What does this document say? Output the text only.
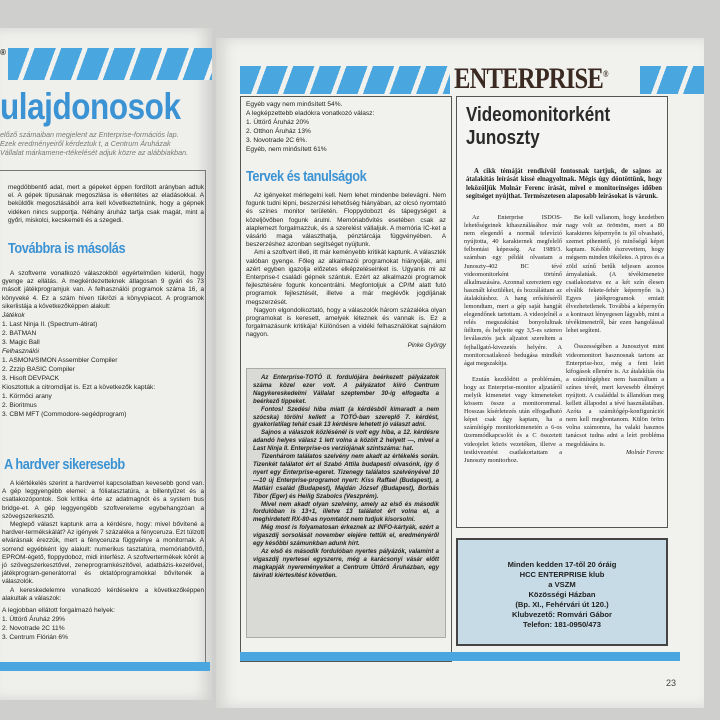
®
ulajdonosok
előző számaiban megjelent az Enterprise-formációs lap. Ezek eredményeiről kérdeztuk t, a Centrum Áruházak Vállalat márkamene-rtékelését adjuk közre az alábbiakban.
megdöbbentő adat, mert a gépeket éppen fordított arányban adtuk el. A gépek típusának megoszlása is ellentétes az eladásokkal. A beküldők megoszlásából arra kell következtetnünk, hogy a gépnek vidéken nincs supportja. Néhány áruház tartja csak magát, mint a győri, miskolci, kecskeméti és a szegedi.
Továbbra is másolás

A szoftverre vonatkozó válaszokból egyértelműen kiderül, hogy gyenge az ellátás. A megkérdezetteknek átlagosan 9 gyári és 73 másolt játékprogramjuk van. A felhasználói programok száma 16, a könyveké 4. Ez a szám híven tükrözi a könyvpiacot. A programok sikerlistája a következőképpen alakult:

Játékok
1. Last Ninja II. (Spectrum-átirat)
2. BATMAN
3. Magic Ball
Felhasználói
1. ASMON/SIMON Assembler Compiler
2. Zzzip BASIC Compiler
3. Hisoft DEVPACK
Kiosztottuk a citromdíjat is. Ezt a következők kapták:
1. Körmöci arany
2. Bioritmus
3. CBM MFT (Commodore-segédprogram)
A hardver sikeresebb

A kiértékelés szerint a hardverrel kapcsolatban kevesebb gond van. A gép leggyengébb elemei: a fóliatasztatúra, a billentyűzet és a csatlakozópontok. Sok kritika érte az adatmagnót és a system bus bridge-et. A gép leggyengébb szoftvereleme egybehangzóan a szövegszerkesztő.

Meglepő választ kaptunk arra a kérdésre, hogy: mivel bővítené a hardver-termékskálát? Az igények 7 százaléka a fényceruza. Ezt túlzott elvárásnak érezzük, mert a fényceruza függvénye a monitornak. A sorrend egyébként így alakult: numerikus tasztatúra, memóriabővítő, EPROM-égető, floppydoboz, midi interfész. A szoftvertermékek körét a jó szövegszerkesztővel, zeneprogramkészítővel, adatbázis-kezelővel, játékprogram-generátorral és oktatóprogramokkal bővítenék a válaszolók.

A kereskedelemre vonatkozó kérdésekre a következőképpen alakultak a válaszok:

A legjobban ellátott forgalmazó helyek:
1. Úttörő Áruház 29%
2. Novotrade 2C 11%
3. Centrum Flórián 6%
ENTERPRISE®
Egyéb vagy nem minősített 54%.
A legképzettebb eladókra vonatkozó válasz:
1. Úttörő Áruház 20%
2. Otthon Áruház 13%
3. Novotrade 2C 6%.
Egyéb, nem minősített 61%
Tervek és tanulságok

Az igényeket mérlegelni kell. Nem lehet mindenbe belevágni. Nem fogunk tudni lépni, beszerzési lehetőség hiányában, az olcsó nyomtató és színes monitor területén. Floppydobozt és tápegységet a közeljövőben fogunk árulni. Memóriabővítés esetében csak az alaplemezt forgalmazzuk, és a szerelést vállaljuk. A memória IC-ket a vásárló maga választhatja, pénztárcája függvényében. A beszerzéshez azonban segítséget nyújtunk.

Ami a szoftvert illeti, itt már keményebb kritikát kaptunk. A választék valóban gyenge. Főleg az alkalmazói programokat hiányolják, ami azért egyben igazolja előzetes elképzeléseinket is. Ugyanis mi az Enterprise-t családi gépnek szántuk. Ezért az alkalmazói programok fejlesztésére fogunk koncentrálni. Megfontoljuk a CP/M alatt futó programok fejlesztését, illetve a már meglévők jogdíjának megszerzését.

Nagyon elgondolkoztató, hogy a válaszolók három százaléka olyan programokat is keresett, amelyek léteznek és vannak is. Ez a forgalmazásunk kritikája! Különösen a vidéki felhasználókat sajnálom nagyon.

Pinke György

Az Enterprise-TOTÓ II. fordulójára beérkezett pályázatok száma közel ezer volt. A pályázatot kiíró Centrum Nagykereskedelmi Vállalat szeptember 30-ig elfogadta a beérkező tippeket.

Fontos! Szedési hiba miatt (a kérdésből kimaradt a nem szócska) törölni kellett a TOTÓ-ban szereplő 7. kérdést, gyakorlatilag tehát csak 13 kérdésre lehetett jó választ adni.

Sajnos a válaszok közlésénél is volt egy hiba, a 12. kérdésre adandó helyes válasz 1 lett volna a közölt 2 helyett —, mivel a Last Ninja II. Enterprise-os verziójának szintszáma: hat.

Tizenhárom találatos szelvény nem akadt az értékelés során. Tizenkét találatot ért el Szabó Attila budapesti olvasónk, így ő nyert egy Enterprise-egeret. Tizenegy találatos szelvényével 10—10 új Enterprise-programot nyert: Kiss Raffael (Budapest), a Matlári család (Budapest), Majdán József (Budapest), Borbás Tibor (Eger) és Heilig Szabolcs (Veszprém).

Mivel nem akadt olyan szelvény, amely az első és második fordulóban is 13+1, illetve 13 találatot ért volna el, a meghirdetett RX-80-as nyomtatót nem tudjuk kisorsolni.

Még most is folyamatosan érkeznek az INFO-kártyák, ezért a vigaszdíj sorsolását november elejére tettük el, eredményéről egy későbbi számunkban adunk hírt.

Az első és második fordulóban nyertes pályázók, valamint a vigaszdíj nyertesei egyszerre, még a karácsonyi vásár előtt magkapják nyereményeiket a Centrum Úttörő Áruházban, egy távirati kiértesítést követően.

Videomonitorként Junoszty
A cikk témáját rendkívül fontosnak tartjuk, de sajnos az átalakítás leírását kissé elnagyoltnak. Mégis úgy döntöttünk, hogy leközöljük Molnár Ferenc írását, mivel e monitorínséges időben segítséget nyújthat. Természetesen alaposabb leírásokat is várunk.

Az Enterprise ISDOS-lehetőségeinek kihasználásához már nem elegendő a normál televízió nyújtotta, 40 karakternek megfelelő felbontási képesség. Az 1989/3. számban egy példát olvastam a Junoszty-402 BC tévé videomonitorként történő alkalmazására. Azonnal szereztem egy használt készüléket, és hozzáláttam az átalakításhoz. A hang erősítéséről lemondtam, mert a gép saját hangját elegendőnek tartottam. A videojelnél a relés megszakítást bonyolultnak ítéltem, és helyette egy 3,5-es sztereo leválasztós jack aljzatot szereltem a fejhallgató-kivezetés helyére. A monitorcsatlakozó bedugása mindkét ágat megszakítja.

Ezután kezdődött a problémám, hogy az Enterprise-monitor aljzatáról melyik kimenetet vagy kimeneteket kössem össze a monitorommal. Hosszas kísérletezés után elfogadható képet csak úgy kaptam, ha a számítógép monitorkimenetén a 6-os üzemmódkapcsolót és a C összetett videojelet közös vezetéken, illetve a testkivezetést csatlakortattam a Junoszty monitorhoz.

Be kell vallanom, hogy kezdetben nagy volt az örömöm, mert a 80 karakteres képernyőn is jól olvasható, szemet pihentető, jó minőségű képet kaptam. Később észrevettem, hogy mégsem minden tökéletes. A piros és a zöld színű betűk teljesen azonos árnyalatúak. (A tévékimenetre csatlakoztatva ez a két szín élesen elválik fekete-fehér képernyőn is.) Egyes játékprogramok emiatt élvezhetetlenek. Továbbá a képernyőn a kontraszt lényegesen lágyabb, mint a tévékimenetről, bár ezen hangolással lehet segíteni.

Összességében a Junosztyot mint videomonitort hasznosnak tartom az Enterprise-hoz, még a fent leírt kifogások ellenére is. Az átalakítás óta a számítógéphez nem használtam a színes tévét, mert kevesebb élményt nyújtott. A családdal is állandóan meg kellett állapodni a tévé használatában. Azóta a számítógép-konfigurációt nem kell megbontanom. Külön öröm volna számomra, ha valaki hasznos tanácsot tudna adni a leírt probléma megoldására is.

Molnár Ferenc
Minden kedden 17-től 20 óráig
HCC ENTERPRISE klub
a VSZM
Közösségi Házban
(Bp. XI., Fehérvári út 120.)
Klubvezető: Romvári Gábor
Telefon: 181-0950/473
23
